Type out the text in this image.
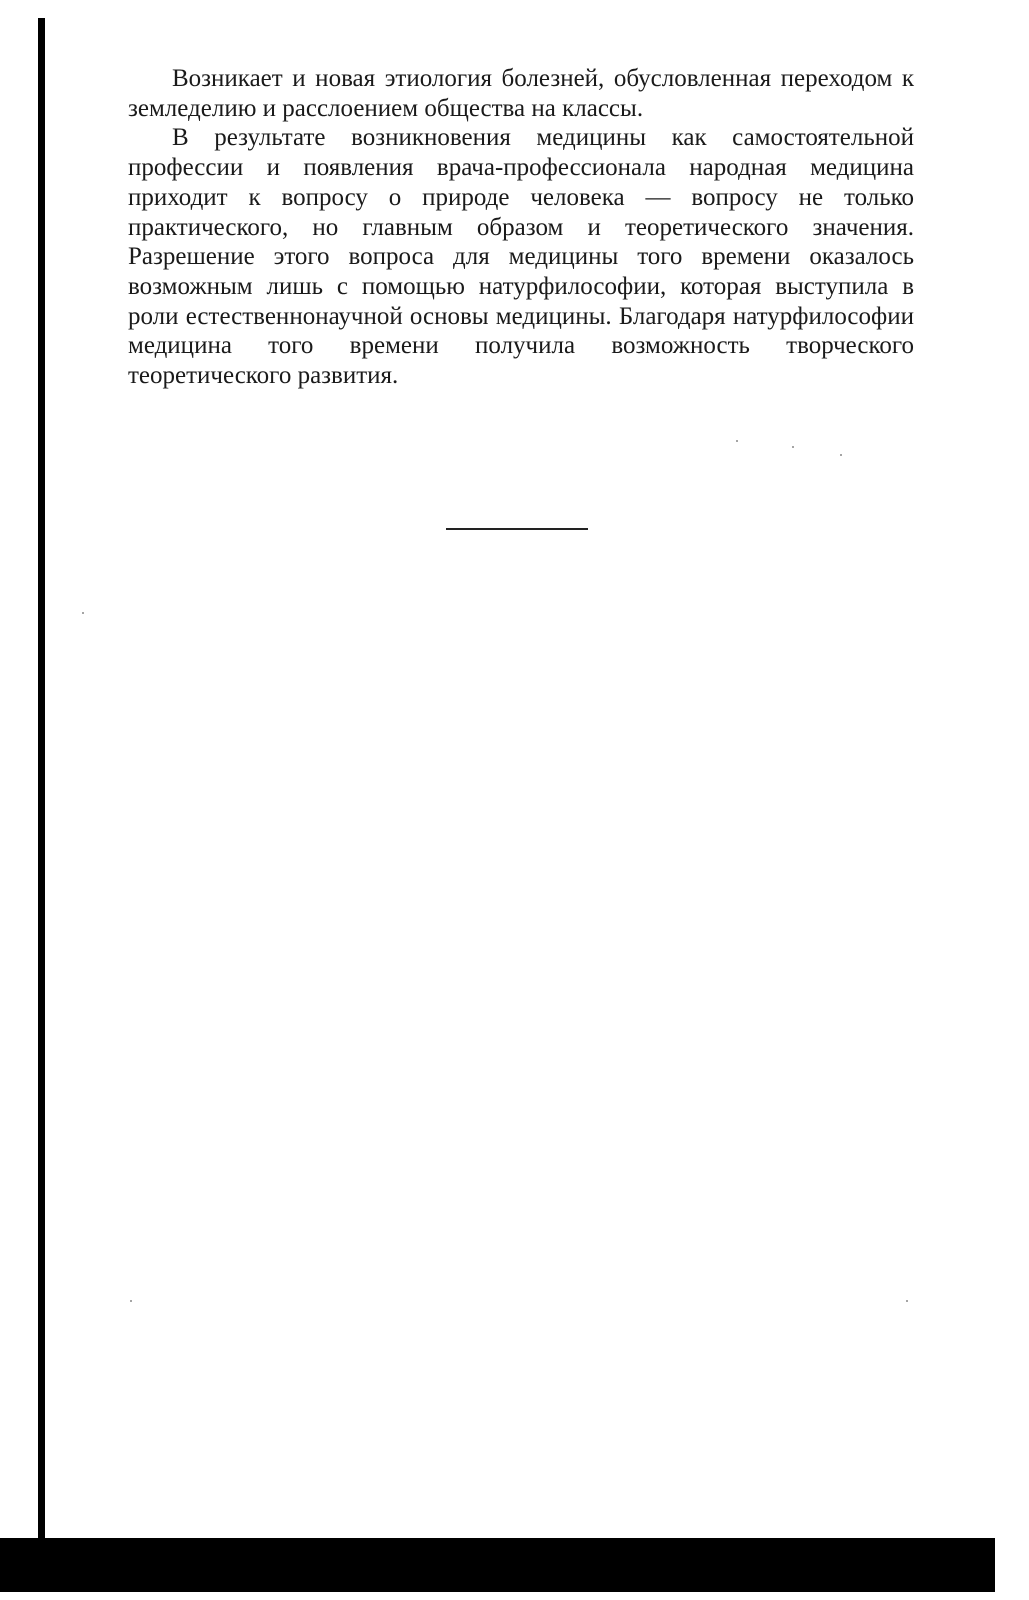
Возникает и новая этиология болезней, обусловленная переходом к земледелию и расслоением общества на классы.

В результате возникновения медицины как самостоятельной профессии и появления врача-профессионала народная медицина приходит к вопросу о природе человека — вопросу не только практического, но главным образом и теоретического значения. Разрешение этого вопроса для медицины того времени оказалось возможным лишь с помощью натурфилософии, которая выступила в роли естественнонаучной основы медицины. Благодаря натурфилософии медицина того времени получила возможность творческого теоретического развития.
